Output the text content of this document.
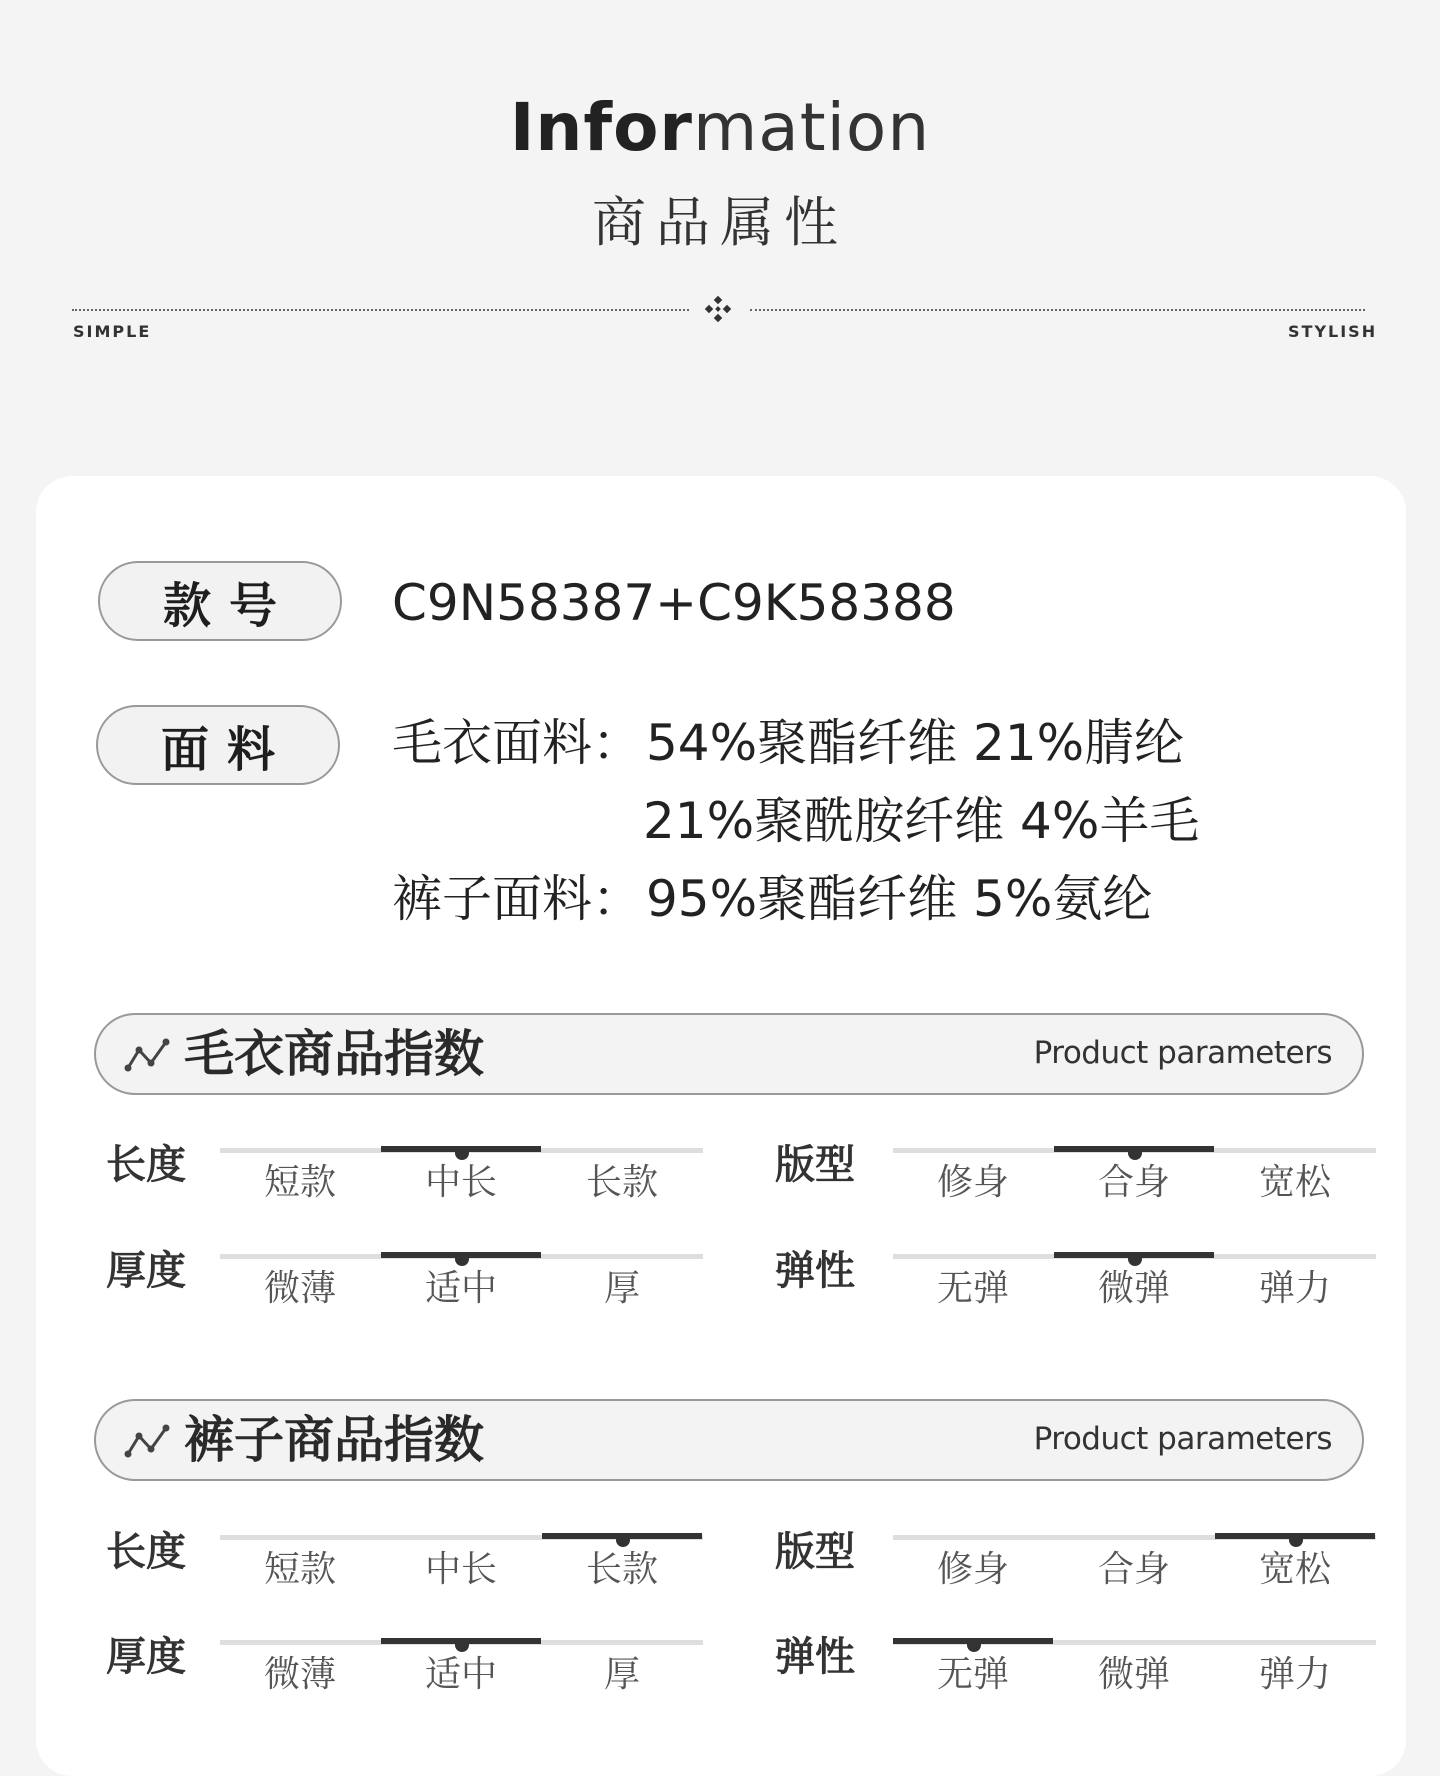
Information
商品属性
SIMPLE	STYLISH
款号 C9N58387+C9K58388
面料 毛衣面料： 54%聚酯纤维 21%腈纶
21%聚酰胺纤维 4%羊毛
裤子面料： 95%聚酯纤维 5%氨纶
毛衣商品指数	Product parameters
长度	短款	中长	长款	版型	修身	合身	宽松
厚度	微薄	适中	厚	弹性	无弹	微弹	弹力
裤子商品指数	Product parameters
长度	短款	中长	长款	版型	修身	合身	宽松
厚度	微薄	适中	厚	弹性	无弹	微弹	弹力
